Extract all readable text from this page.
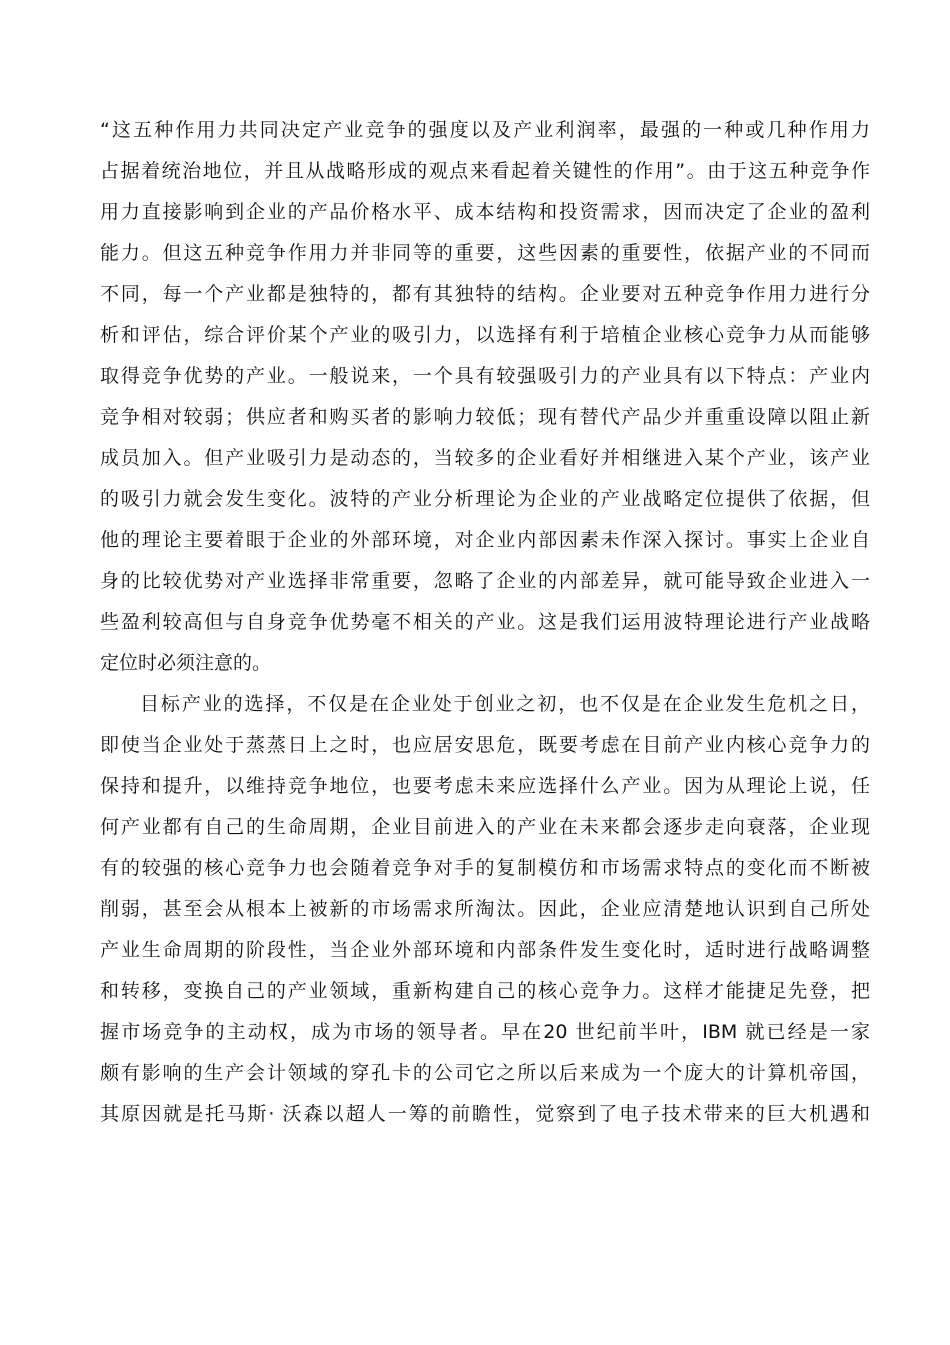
“这五种作用力共同决定产业竞争的强度以及产业利润率，最强的一种或几种作用力
占据着统治地位，并且从战略形成的观点来看起着关键性的作用”。由于这五种竞争作
用力直接影响到企业的产品价格水平、成本结构和投资需求，因而决定了企业的盈利
能力。但这五种竞争作用力并非同等的重要，这些因素的重要性，依据产业的不同而
不同，每一个产业都是独特的，都有其独特的结构。企业要对五种竞争作用力进行分
析和评估，综合评价某个产业的吸引力，以选择有利于培植企业核心竞争力从而能够
取得竞争优势的产业。一般说来，一个具有较强吸引力的产业具有以下特点：产业内
竞争相对较弱；供应者和购买者的影响力较低；现有替代产品少并重重设障以阻止新
成员加入。但产业吸引力是动态的，当较多的企业看好并相继进入某个产业，该产业
的吸引力就会发生变化。波特的产业分析理论为企业的产业战略定位提供了依据，但
他的理论主要着眼于企业的外部环境，对企业内部因素未作深入探讨。事实上企业自
身的比较优势对产业选择非常重要，忽略了企业的内部差异，就可能导致企业进入一
些盈利较高但与自身竞争优势毫不相关的产业。这是我们运用波特理论进行产业战略
定位时必须注意的。
目标产业的选择，不仅是在企业处于创业之初，也不仅是在企业发生危机之日，
即使当企业处于蒸蒸日上之时，也应居安思危，既要考虑在目前产业内核心竞争力的
保持和提升，以维持竞争地位，也要考虑未来应选择什么产业。因为从理论上说，任
何产业都有自己的生命周期，企业目前进入的产业在未来都会逐步走向衰落，企业现
有的较强的核心竞争力也会随着竞争对手的复制模仿和市场需求特点的变化而不断被
削弱，甚至会从根本上被新的市场需求所淘汰。因此，企业应清楚地认识到自己所处
产业生命周期的阶段性，当企业外部环境和内部条件发生变化时，适时进行战略调整
和转移，变换自己的产业领域，重新构建自己的核心竞争力。这样才能捷足先登，把
握市场竞争的主动权，成为市场的领导者。早在20 世纪前半叶，IBM 就已经是一家
颇有影响的生产会计领域的穿孔卡的公司它之所以后来成为一个庞大的计算机帝国，
其原因就是托马斯· 沃森以超人一筹的前瞻性，觉察到了电子技术带来的巨大机遇和
